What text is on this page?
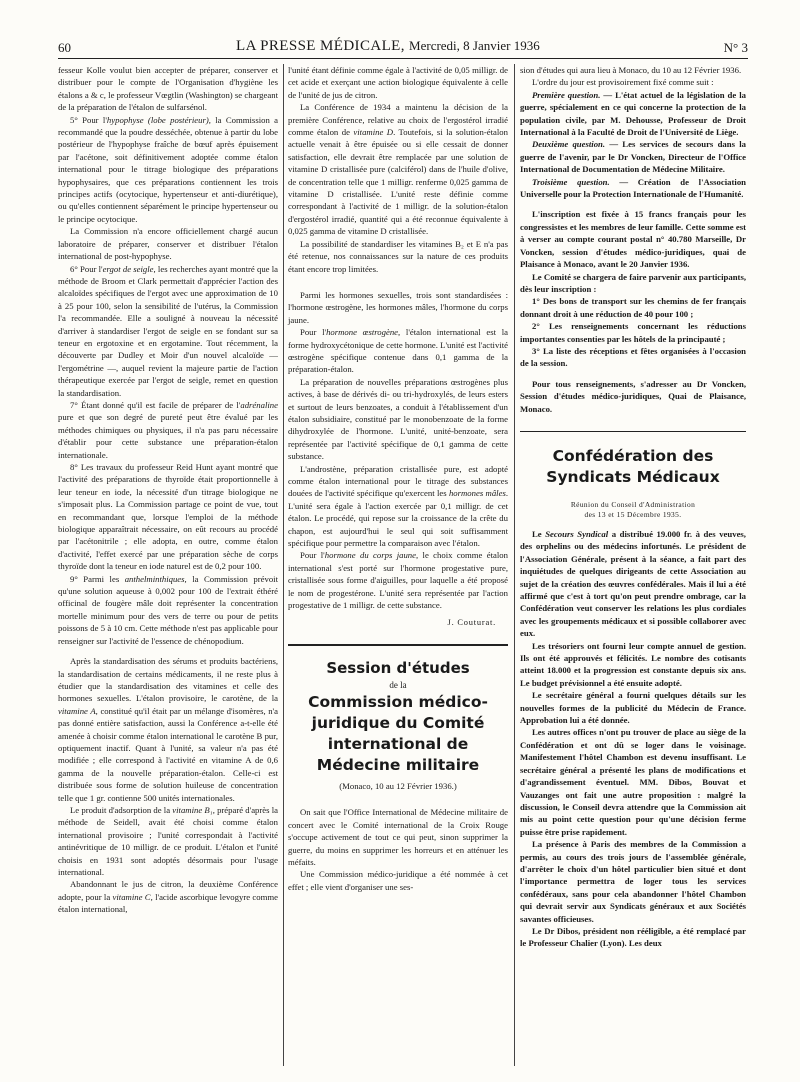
60	LA PRESSE MÉDICALE, Mercredi, 8 Janvier 1936	N° 3

fesseur Kolle voulut bien accepter de préparer, conserver et distribuer pour le compte de l'Organisation d'hygiène les étalons a & c, le professeur Vœgtlin (Washington) se chargeant de la préparation de l'étalon de sulfarsénol.

5° Pour l'hypophyse (lobe postérieur), la Commission a recommandé que la poudre desséchée, obtenue à partir du lobe postérieur de l'hypophyse fraîche de bœuf après épuisement par l'acétone, soit définitivement adoptée comme étalon international pour le titrage biologique des préparations hypophysaires, que ces préparations contiennent les trois principes actifs (ocytocique, hypertenseur et anti-diurétique), ou qu'elles contiennent séparément le principe hypertenseur ou le principe ocytocique.

La Commission n'a encore officiellement chargé aucun laboratoire de préparer, conserver et distribuer l'étalon international de post-hypophyse.

6° Pour l'ergot de seigle, les recherches ayant montré que la méthode de Broom et Clark permettait d'apprécier l'action des alcaloïdes spécifiques de l'ergot avec une approximation de 10 à 25 pour 100, selon la sensibilité de l'utérus, la Commission l'a recommandée. Elle a souligné à nouveau la nécessité d'arriver à standardiser l'ergot de seigle en se fondant sur sa teneur en ergotoxine et en ergotamine. Tout récemment, la découverte par Dudley et Moir d'un nouvel alcaloïde — l'ergométrine —, auquel revient la majeure partie de l'action thérapeutique exercée par l'ergot de seigle, remet en question la standardisation.

7° Étant donné qu'il est facile de préparer de l'adrénaline pure et que son degré de pureté peut être évalué par les méthodes chimiques ou physiques, il n'a pas paru nécessaire d'établir pour cette substance une préparation-étalon internationale.

8° Les travaux du professeur Reid Hunt ayant montré que l'activité des préparations de thyroïde était proportionnelle à leur teneur en iode, la nécessité d'un titrage biologique ne s'imposait plus. La Commission partage ce point de vue, tout en recommandant que, lorsque l'emploi de la méthode biologique apparaîtrait nécessaire, on eût recours au procédé par l'acétonitrile ; elle adopta, en outre, comme étalon d'activité, l'effet exercé par une préparation sèche de corps thyroïde dont la teneur en iode naturel est de 0,2 pour 100.

9° Parmi les anthelminthiques, la Commission prévoit qu'une solution aqueuse à 0,002 pour 100 de l'extrait éthéré officinal de fougère mâle doit représenter la concentration mortelle minimum pour des vers de terre ou pour de petits poissons de 5 à 10 cm. Cette méthode n'est pas applicable pour renseigner sur l'activité de l'essence de chénopodium.

Après la standardisation des sérums et produits bactériens, la standardisation de certains médicaments, il ne reste plus à étudier que la standardisation des vitamines et celle des hormones sexuelles. L'étalon provisoire, le carotène, de la vitamine A, constitué qu'il était par un mélange d'isomères, n'a pas donné entière satisfaction, aussi la Conférence a-t-elle été amenée à choisir comme étalon international le carotène B pur, optiquement inactif. Quant à l'unité, sa valeur n'a pas été modifiée ; elle correspond à l'activité en vitamine A de 0,6 gamma de la nouvelle préparation-étalon. Celle-ci est distribuée sous forme de solution huileuse de concentration telle que 1 gr. contienne 500 unités internationales.

Le produit d'adsorption de la vitamine B₁, préparé d'après la méthode de Seidell, avait été choisi comme étalon international provisoire ; l'unité correspondait à l'activité antinévritique de 10 milligr. de ce produit. L'étalon et l'unité choisis en 1931 sont adoptés désormais pour l'usage international.

Abandonnant le jus de citron, la deuxième Conférence adopte, pour la vitamine C, l'acide ascorbique levogyre comme étalon international,

l'unité étant définie comme égale à l'activité de 0,05 milligr. de cet acide et exerçant une action biologique équivalente à celle de l'unité de jus de citron.

La Conférence de 1934 a maintenu la décision de la première Conférence, relative au choix de l'ergostérol irradié comme étalon de vitamine D. Toutefois, si la solution-étalon actuelle venait à être épuisée ou si elle cessait de donner satisfaction, elle devrait être remplacée par une solution de vitamine D cristallisée pure (calciférol) dans de l'huile d'olive, de concentration telle que 1 milligr. renferme 0,025 gamma de vitamine D cristallisée. L'unité reste définie comme correspondant à l'activité de 1 milligr. de la solution-étalon d'ergostérol irradié, quantité qui a été reconnue équivalente à 0,025 gamma de vitamine D cristallisée.

La possibilité de standardiser les vitamines B₂ et E n'a pas été retenue, nos connaissances sur la nature de ces produits étant encore trop limitées.

Parmi les hormones sexuelles, trois sont standardisées : l'hormone œstrogène, les hormones mâles, l'hormone du corps jaune.

Pour l'hormone œstrogène, l'étalon international est la forme hydroxycétonique de cette hormone. L'unité est l'activité œstrogène spécifique contenue dans 0,1 gamma de la préparation-étalon.

La préparation de nouvelles préparations œstrogènes plus actives, à base de dérivés di- ou tri-hydroxylés, de leurs esters et surtout de leurs benzoates, a conduit à l'établissement d'un étalon subsidiaire, constitué par le monobenzoate de la forme dihydroxylée de l'hormone. L'unité, unité-benzoate, sera représentée par l'activité spécifique de 0,1 gamma de cette substance.

L'androstène, préparation cristallisée pure, est adopté comme étalon international pour le titrage des substances douées de l'activité spécifique qu'exercent les hormones mâles. L'unité sera égale à l'action exercée par 0,1 milligr. de cet étalon. Le procédé, qui repose sur la croissance de la crête du chapon, est aujourd'hui le seul qui soit suffisamment spécifique pour permettre la comparaison avec l'étalon.

Pour l'hormone du corps jaune, le choix comme étalon international s'est porté sur l'hormone progestative pure, cristallisée sous forme d'aiguilles, pour laquelle a été proposé le nom de progestérone. L'unité sera représentée par l'action progestative de 1 milligr. de cette substance.

J. Couturat.
Session d'études
de la
Commission médico-juridique du Comité international de Médecine militaire
(Monaco, 10 au 12 Février 1936.)

On sait que l'Office International de Médecine militaire de concert avec le Comité international de la Croix Rouge s'occupe activement de tout ce qui peut, sinon supprimer la guerre, du moins en supprimer les horreurs et en atténuer les méfaits.

Une Commission médico-juridique a été nommée à cet effet ; elle vient d'organiser une ses-

sion d'études qui aura lieu à Monaco, du 10 au 12 Février 1936.

L'ordre du jour est provisoirement fixé comme suit :

Première question. — L'état actuel de la législation de la guerre, spécialement en ce qui concerne la protection de la population civile, par M. Dehousse, Professeur de Droit International à la Faculté de Droit de l'Université de Liège.

Deuxième question. — Les services de secours dans la guerre de l'avenir, par le Dr Voncken, Directeur de l'Office International de Documentation de Médecine Militaire.

Troisième question. — Création de l'Association Universelle pour la Protection Internationale de l'Humanité.

L'inscription est fixée à 15 francs français pour les congressistes et les membres de leur famille. Cette somme est à verser au compte courant postal n° 40.780 Marseille, Dr Voncken, session d'études médico-juridiques, quai de Plaisance à Monaco, avant le 20 Janvier 1936.

Le Comité se chargera de faire parvenir aux participants, dès leur inscription :

1° Des bons de transport sur les chemins de fer français donnant droit à une réduction de 40 pour 100 ;

2° Les renseignements concernant les réductions importantes consenties par les hôtels de la principauté ;

3° La liste des réceptions et fêtes organisées à l'occasion de la session.

Pour tous renseignements, s'adresser au Dr Voncken, Session d'études médico-juridiques, Quai de Plaisance, Monaco.

Confédération des Syndicats Médicaux
Réunion du Conseil d'Administration
des 13 et 15 Décembre 1935.

Le Secours Syndical a distribué 19.000 fr. à des veuves, des orphelins ou des médecins infortunés. Le président de l'Association Générale, présent à la séance, a fait part des inquiétudes de quelques dirigeants de cette Association au sujet de la création des œuvres confédérales. Mais il lui a été affirmé que c'est à tort qu'on peut prendre ombrage, car la Confédération veut conserver les relations les plus cordiales avec les groupements médicaux et si possible collaborer avec eux.

Les trésoriers ont fourni leur compte annuel de gestion. Ils ont été approuvés et félicités. Le nombre des cotisants atteint 18.000 et la progression est constante depuis six ans. Le budget prévisionnel a été ensuite adopté.

Le secrétaire général a fourni quelques détails sur les nouvelles formes de la publicité du Médecin de France. Approbation lui a été donnée.

Les autres offices n'ont pu trouver de place au siège de la Confédération et ont dû se loger dans le voisinage. Manifestement l'hôtel Chambon est devenu insuffisant. Le secrétaire général a présenté les plans de modifications et d'agrandissement éventuel. MM. Dibos, Bouvat et Vauzanges ont fait une autre proposition : malgré la discussion, le Conseil devra attendre que la Commission ait mis au point cette question pour qu'une décision ferme puisse être prise rapidement.

La présence à Paris des membres de la Commission a permis, au cours des trois jours de l'assemblée générale, d'arrêter le choix d'un hôtel particulier bien situé et dont l'importance permettra de loger tous les services confédéraux, sans pour cela abandonner l'hôtel Chambon qui devrait servir aux Syndicats généraux et aux Sociétés savantes officieuses.

Le Dr Dibos, président non rééligible, a été remplacé par le Professeur Chalier (Lyon). Les deux
